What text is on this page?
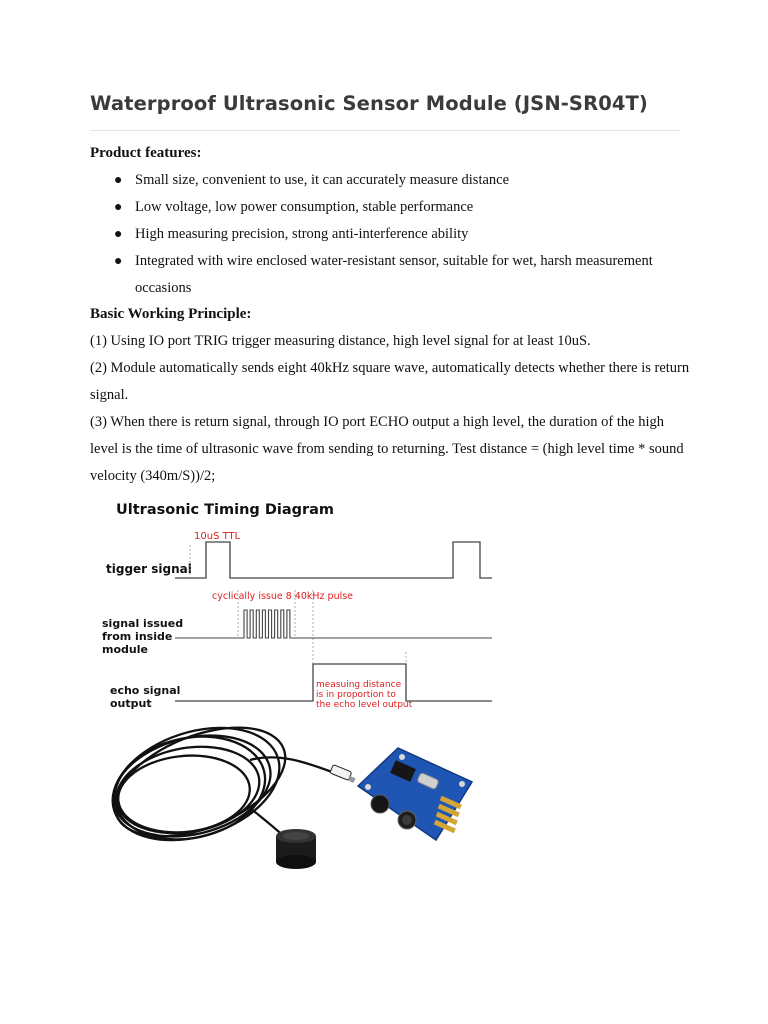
Waterproof Ultrasonic Sensor Module (JSN-SR04T)
Product features:
● Small size, convenient to use, it can accurately measure distance
● Low voltage, low power consumption, stable performance
● High measuring precision, strong anti-interference ability
● Integrated with wire enclosed water-resistant sensor, suitable for wet, harsh measurement occasions
Basic Working Principle:

(1) Using IO port TRIG trigger measuring distance, high level signal for at least 10uS.

(2) Module automatically sends eight 40kHz square wave, automatically detects whether there is return signal.

(3) When there is return signal, through IO port ECHO output a high level, the duration of the high level is the time of ultrasonic wave from sending to returning. Test distance = (high level time * sound velocity (340m/S))/2;

Ultrasonic Timing Diagram
10uS TTL
tigger signal
cyclically issue 8 40kHz pulse
signal issued
from inside
module
echo signal
output
measuing distance
is in proportion to
the echo level output
